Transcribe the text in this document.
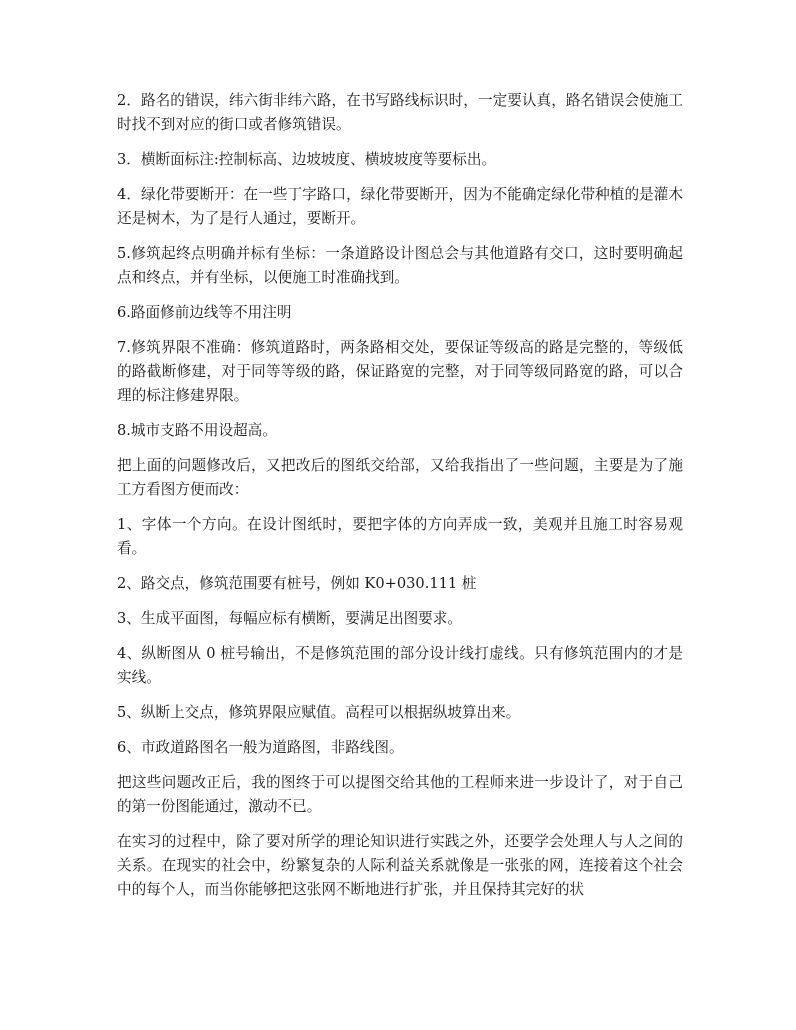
2．路名的错误，纬六街非纬六路，在书写路线标识时，一定要认真，路名错误会使施工时找不到对应的街口或者修筑错误。

3．横断面标注:控制标高、边坡坡度、横坡坡度等要标出。

4．绿化带要断开：在一些丁字路口，绿化带要断开，因为不能确定绿化带种植的是灌木还是树木，为了是行人通过，要断开。

5.修筑起终点明确并标有坐标：一条道路设计图总会与其他道路有交口，这时要明确起点和终点，并有坐标，以便施工时准确找到。

6.路面修前边线等不用注明

7.修筑界限不准确：修筑道路时，两条路相交处，要保证等级高的路是完整的，等级低的路截断修建，对于同等等级的路，保证路宽的完整，对于同等级同路宽的路，可以合理的标注修建界限。

8.城市支路不用设超高。

把上面的问题修改后，又把改后的图纸交给部，又给我指出了一些问题，主要是为了施工方看图方便而改：

1、字体一个方向。在设计图纸时，要把字体的方向弄成一致，美观并且施工时容易观看。

2、路交点，修筑范围要有桩号，例如 K0+030.111 桩

3、生成平面图，每幅应标有横断，要满足出图要求。

4、纵断图从 0 桩号输出，不是修筑范围的部分设计线打虚线。只有修筑范围内的才是实线。

5、纵断上交点，修筑界限应赋值。高程可以根据纵坡算出来。

6、市政道路图名一般为道路图，非路线图。

把这些问题改正后，我的图终于可以提图交给其他的工程师来进一步设计了，对于自己的第一份图能通过，激动不已。

在实习的过程中，除了要对所学的理论知识进行实践之外，还要学会处理人与人之间的关系。在现实的社会中，纷繁复杂的人际利益关系就像是一张张的网，连接着这个社会中的每个人，而当你能够把这张网不断地进行扩张，并且保持其完好的状
